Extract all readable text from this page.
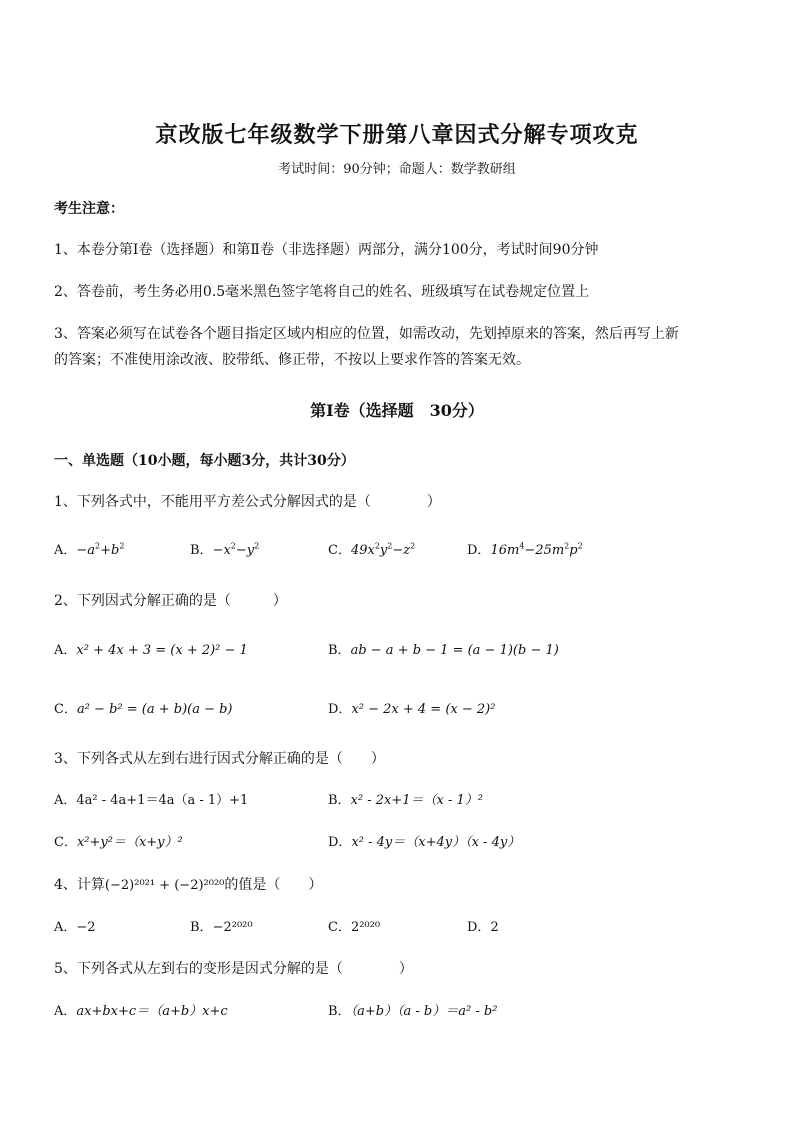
京改版七年级数学下册第八章因式分解专项攻克
考试时间：90分钟；命题人：数学教研组
考生注意：
1、本卷分第Ⅰ卷（选择题）和第Ⅱ卷（非选择题）两部分，满分100分，考试时间90分钟
2、答卷前，考生务必用0.5毫米黑色签字笔将自己的姓名、班级填写在试卷规定位置上
3、答案必须写在试卷各个题目指定区域内相应的位置，如需改动，先划掉原来的答案，然后再写上新
的答案；不准使用涂改液、胶带纸、修正带，不按以上要求作答的答案无效。
第Ⅰ卷（选择题　30分）
一、单选题（10小题，每小题3分，共计30分）
1、下列各式中，不能用平方差公式分解因式的是（　　　　）
A．$-a^2+b^2$	B．$-x^2-y^2$	C．$49x^2y^2-z^2$	D．$16m^4-25m^2p^2$
2、下列因式分解正确的是（　　　）
A．x² + 4x + 3 = (x + 2)² − 1	B．ab − a + b − 1 = (a − 1)(b − 1)
C．a² − b² = (a + b)(a − b)	D．x² − 2x + 4 = (x − 2)²
3、下列各式从左到右进行因式分解正确的是（　　）
A．4a² - 4a+1＝4a（a - 1）+1	B．x² - 2x+1＝（x - 1）²
C．x²+y²＝（x+y）²	D．x² - 4y＝（x+4y）（x - 4y）
4、计算(−2)²⁰²¹ + (−2)²⁰²⁰的值是（　　）
A．−2	B．−2²⁰²⁰	C．2²⁰²⁰	D．2
5、下列各式从左到右的变形是因式分解的是（　　　　）
A．ax+bx+c＝（a+b）x+c	B．（a+b）（a - b）＝a² - b²
